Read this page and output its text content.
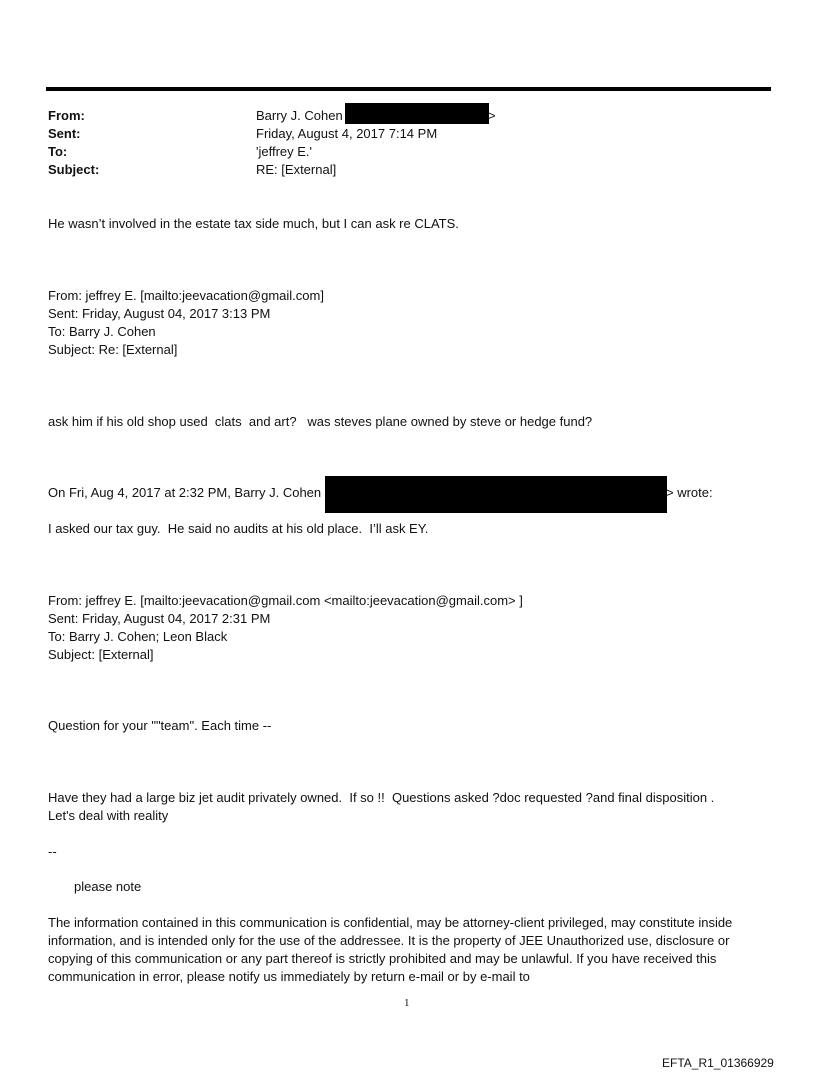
From:
Sent:
To:
Subject:
Barry J. Cohen	>
Friday, August 4, 2017 7:14 PM
'jeffrey E.'
RE: [External]
He wasn’t involved in the estate tax side much, but I can ask re CLATS.
From: jeffrey E. [mailto:jeevacation@gmail.com]
Sent: Friday, August 04, 2017 3:13 PM
To: Barry J. Cohen
Subject: Re: [External]
ask him if his old shop used  clats  and art?   was steves plane owned by steve or hedge fund?
On Fri, Aug 4, 2017 at 2:32 PM, Barry J. Cohen	> wrote:
I asked our tax guy.  He said no audits at his old place.  I’ll ask EY.
From: jeffrey E. [mailto:jeevacation@gmail.com <mailto:jeevacation@gmail.com> ]
Sent: Friday, August 04, 2017 2:31 PM
To: Barry J. Cohen; Leon Black
Subject: [External]
Question for your ""team". Each time --
Have they had a large biz jet audit privately owned.  If so !!  Questions asked ?doc requested ?and final disposition .
Let's deal with reality
--
please note
The information contained in this communication is confidential, may be attorney-client privileged, may constitute inside information, and is intended only for the use of the addressee. It is the property of JEE Unauthorized use, disclosure or copying of this communication or any part thereof is strictly prohibited and may be unlawful. If you have received this communication in error, please notify us immediately by return e-mail or by e-mail to
1
EFTA_R1_01366929
